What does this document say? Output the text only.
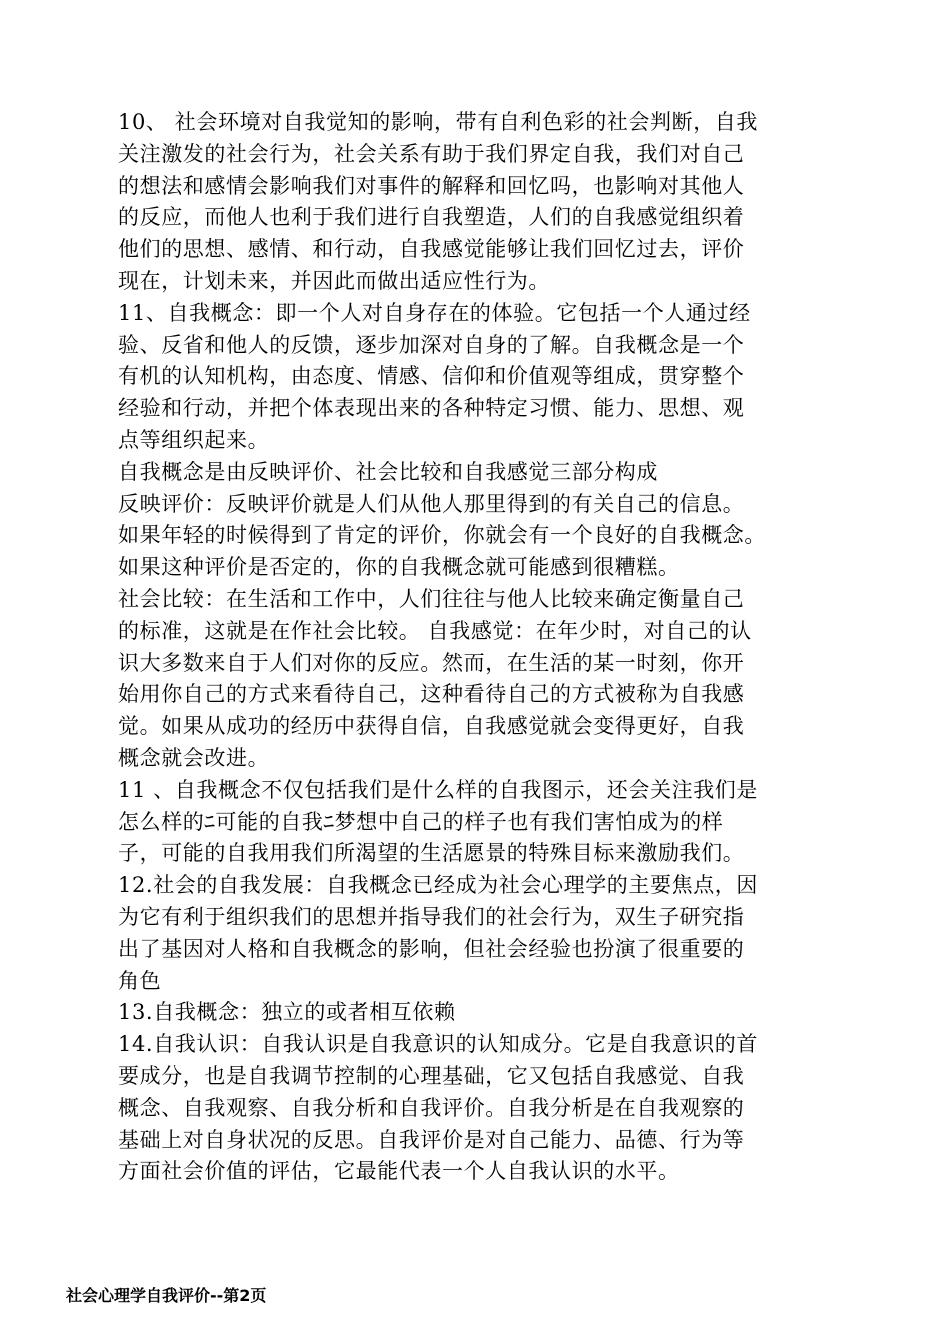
10、 社会环境对自我觉知的影响，带有自利色彩的社会判断，自我
关注激发的社会行为，社会关系有助于我们界定自我，我们对自己
的想法和感情会影响我们对事件的解释和回忆吗，也影响对其他人
的反应，而他人也利于我们进行自我塑造，人们的自我感觉组织着
他们的思想、感情、和行动，自我感觉能够让我们回忆过去，评价
现在，计划未来，并因此而做出适应性行为。
11、自我概念：即一个人对自身存在的体验。它包括一个人通过经
验、反省和他人的反馈，逐步加深对自身的了解。自我概念是一个
有机的认知机构，由态度、情感、信仰和价值观等组成，贯穿整个
经验和行动，并把个体表现出来的各种特定习惯、能力、思想、观
点等组织起来。
自我概念是由反映评价、社会比较和自我感觉三部分构成
反映评价：反映评价就是人们从他人那里得到的有关自己的信息。
如果年轻的时候得到了肯定的评价，你就会有一个良好的自我概念。
如果这种评价是否定的，你的自我概念就可能感到很糟糕。
社会比较：在生活和工作中，人们往往与他人比较来确定衡量自己
的标准，这就是在作社会比较。 自我感觉：在年少时，对自己的认
识大多数来自于人们对你的反应。然而，在生活的某一时刻，你开
始用你自己的方式来看待自己，这种看待自己的方式被称为自我感
觉。如果从成功的经历中获得自信，自我感觉就会变得更好，自我
概念就会改进。
11 、自我概念不仅包括我们是什么样的自我图示，还会关注我们是
怎么样的ﾆ可能的自我ﾆ梦想中自己的样子也有我们害怕成为的样
子，可能的自我用我们所渴望的生活愿景的特殊目标来激励我们。
12.社会的自我发展：自我概念已经成为社会心理学的主要焦点，因
为它有利于组织我们的思想并指导我们的社会行为，双生子研究指
出了基因对人格和自我概念的影响，但社会经验也扮演了很重要的
角色
13.自我概念：独立的或者相互依赖
14.自我认识：自我认识是自我意识的认知成分。它是自我意识的首
要成分，也是自我调节控制的心理基础，它又包括自我感觉、自我
概念、自我观察、自我分析和自我评价。自我分析是在自我观察的
基础上对自身状况的反思。自我评价是对自己能力、品德、行为等
方面社会价值的评估，它最能代表一个人自我认识的水平。
社会心理学自我评价--第2页
